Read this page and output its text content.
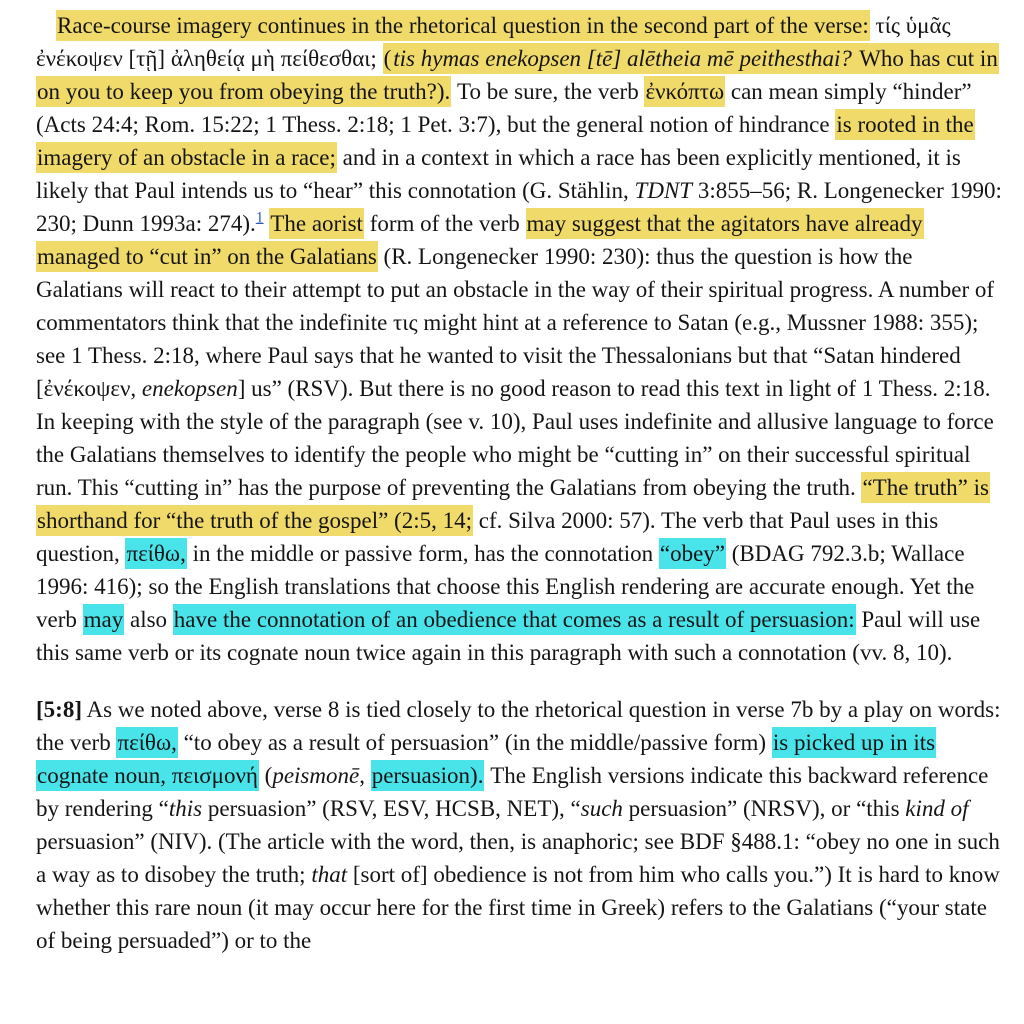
Race-course imagery continues in the rhetorical question in the second part of the verse: τίς ὑμᾶς ἐνέκοψεν [τῇ] ἀληθείᾳ μὴ πείθεσθαι; (tis hymas enekopsen [tē] alētheia mē peithesthai? Who has cut in on you to keep you from obeying the truth?). To be sure, the verb ἐνκόπτω can mean simply “hinder” (Acts 24:4; Rom. 15:22; 1 Thess. 2:18; 1 Pet. 3:7), but the general notion of hindrance is rooted in the imagery of an obstacle in a race; and in a context in which a race has been explicitly mentioned, it is likely that Paul intends us to “hear” this connotation (G. Stählin, TDNT 3:855–56; R. Longenecker 1990: 230; Dunn 1993a: 274).$^1$ The aorist form of the verb may suggest that the agitators have already managed to “cut in” on the Galatians (R. Longenecker 1990: 230): thus the question is how the Galatians will react to their attempt to put an obstacle in the way of their spiritual progress. A number of commentators think that the indefinite τις might hint at a reference to Satan (e.g., Mussner 1988: 355); see 1 Thess. 2:18, where Paul says that he wanted to visit the Thessalonians but that “Satan hindered [ἐνέκοψεν, enekopsen] us” (RSV). But there is no good reason to read this text in light of 1 Thess. 2:18. In keeping with the style of the paragraph (see v. 10), Paul uses indefinite and allusive language to force the Galatians themselves to identify the people who might be “cutting in” on their successful spiritual run. This “cutting in” has the purpose of preventing the Galatians from obeying the truth. “The truth” is shorthand for “the truth of the gospel” (2:5, 14; cf. Silva 2000: 57). The verb that Paul uses in this question, πείθω, in the middle or passive form, has the connotation “obey” (BDAG 792.3.b; Wallace 1996: 416); so the English translations that choose this English rendering are accurate enough. Yet the verb may also have the connotation of an obedience that comes as a result of persuasion: Paul will use this same verb or its cognate noun twice again in this paragraph with such a connotation (vv. 8, 10).

[5:8] As we noted above, verse 8 is tied closely to the rhetorical question in verse 7b by a play on words: the verb πείθω, “to obey as a result of persuasion” (in the middle/passive form) is picked up in its cognate noun, πεισμονή (peismonē, persuasion). The English versions indicate this backward reference by rendering “this persuasion” (RSV, ESV, HCSB, NET), “such persuasion” (NRSV), or “this kind of persuasion” (NIV). (The article with the word, then, is anaphoric; see BDF §488.1: “obey no one in such a way as to disobey the truth; that [sort of] obedience is not from him who calls you.”) It is hard to know whether this rare noun (it may occur here for the first time in Greek) refers to the Galatians (“your state of being persuaded”) or to the
